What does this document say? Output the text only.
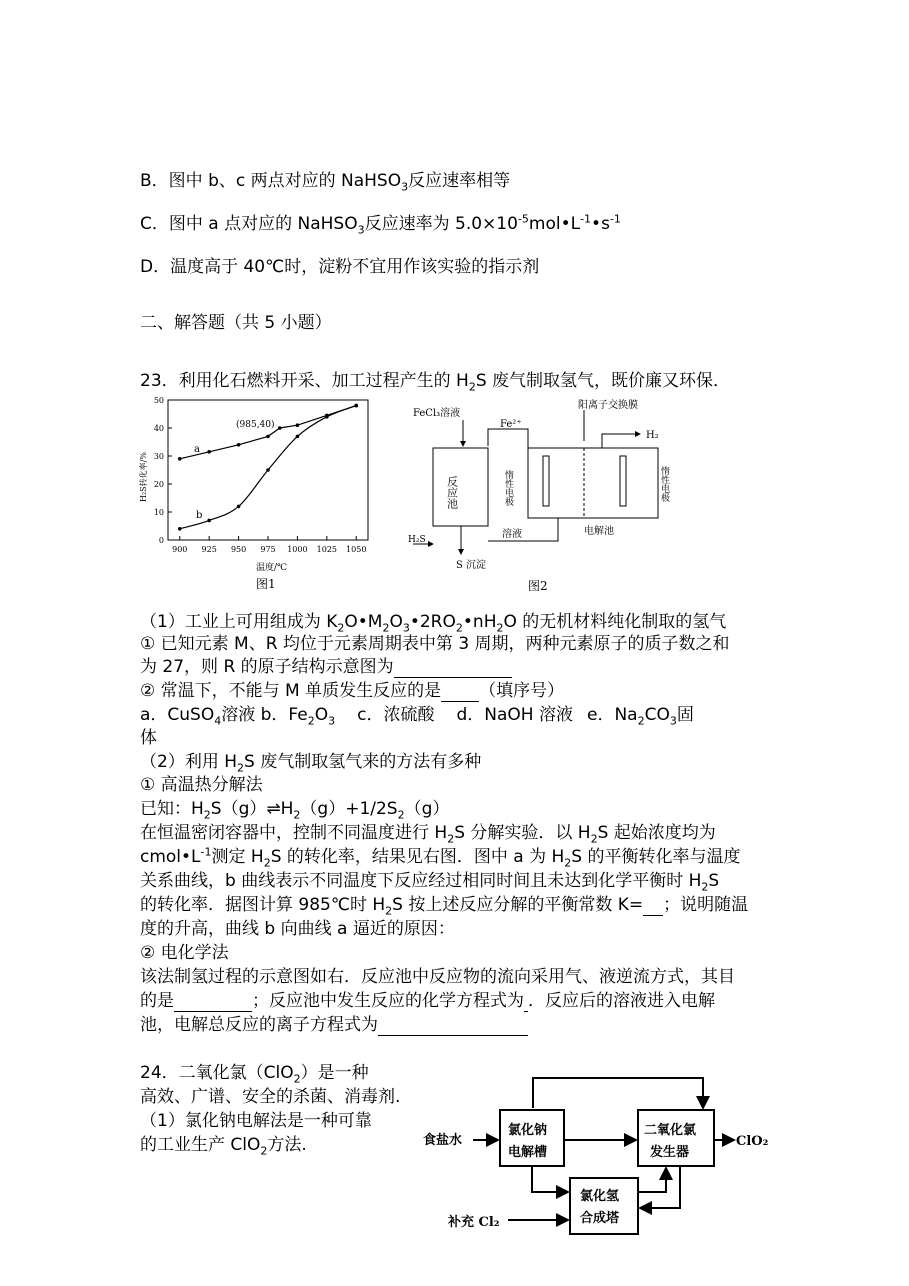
B．图中 b、c 两点对应的 NaHSO$_3$反应速率相等
C．图中 a 点对应的 NaHSO$_3$反应速率为 $5.0\times 10^{-5}mol•L^{-1}•s^{-1}$
D．温度高于 40℃时，淀粉不宜用作该实验的指示剂
二、解答题（共 5 小题）
23．利用化石燃料开采、加工过程产生的 $H_2S$ 废气制取氢气，既价廉又环保．
0
10
20
30
40
50
900 925 950 975 1000 1025 1050
a
b
(985,40)
H₂S转化率/%
温度/℃
图1
FeCl₃溶液
反应池
Fe²⁺
阳离子交换膜
惰性电极	惰性电极
H₂
H₂S	溶液
S 沉淀
电解池
图2
（1）工业上可用组成为 $K_2O•M_2O_3•2RO_2•nH_2O$ 的无机材料纯化制取的氢气
① 已知元素 M、R 均位于元素周期表中第 3 周期，两种元素原子的质子数之和
为 27，则 R 的原子结构示意图为
② 常温下，不能与 M 单质发生反应的是 （填序号）
a．CuSO$_4$溶液 b．$Fe_2O_3$ c．浓硫酸 d．NaOH 溶液 e．$Na_2CO_3$固
体
（2）利用 $H_2S$ 废气制取氢气来的方法有多种
① 高温热分解法
已知：$H_2S(g)\rightleftharpoons H_2(g)+1/2S_2(g)$
在恒温密闭容器中，控制不同温度进行 $H_2S$ 分解实验．以 $H_2S$ 起始浓度均为
$cmol•L^{-1}$测定 $H_2S$ 的转化率，结果见右图．图中 a 为 $H_2S$ 的平衡转化率与温度
关系曲线，b 曲线表示不同温度下反应经过相同时间且未达到化学平衡时 $H_2S$
的转化率．据图计算 985℃时 $H_2S$ 按上述反应分解的平衡常数 K= ；说明随温
度的升高，曲线 b 向曲线 a 逼近的原因：
② 电化学法
该法制氢过程的示意图如右．反应池中反应物的流向采用气、液逆流方式，其目
的是	；反应池中发生反应的化学方程式为 ．反应后的溶液进入电解
池，电解总反应的离子方程式为
24．二氧化氯（ClO$_2$）是一种
高效、广谱、安全的杀菌、消毒剂.
（1）氯化钠电解法是一种可靠
的工业生产 ClO$_2$方法.	食盐水
氯化钠
电解槽
二氧化氯
发生器
ClO₂
氯化氢
合成塔
补充 Cl₂
